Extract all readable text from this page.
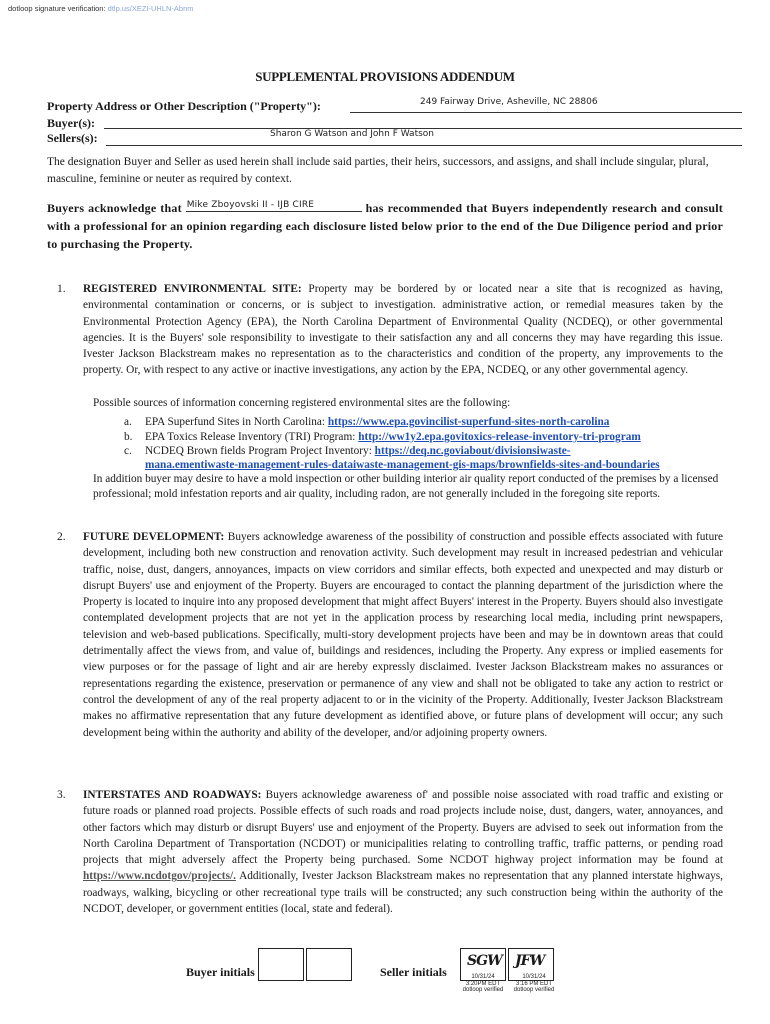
dotloop signature verification: dtlp.us/XEZI-UHLN-Abnm
SUPPLEMENTAL PROVISIONS ADDENDUM
Property Address or Other Description ("Property"):	249 Fairway Drive, Asheville, NC 28806
Buyer(s):
Sellers(s):	Sharon G Watson and John F Watson
The designation Buyer and Seller as used herein shall include said parties, their heirs, successors, and assigns, and shall include singular, plural, masculine, feminine or neuter as required by context.
Buyers acknowledge that Mike Zboyovski II - IJB CIRE	has recommended that Buyers independently research and consult with a professional for an opinion regarding each disclosure listed below prior to the end of the Due Diligence period and prior to purchasing the Property.
1. REGISTERED ENVIRONMENTAL SITE: Property may be bordered by or located near a site that is recognized as having, environmental contamination or concerns, or is subject to investigation. administrative action, or remedial measures taken by the Environmental Protection Agency (EPA), the North Carolina Department of Environmental Quality (NCDEQ), or other governmental agencies. It is the Buyers' sole responsibility to investigate to their satisfaction any and all concerns they may have regarding this issue. Ivester Jackson Blackstream makes no representation as to the characteristics and condition of the property, any improvements to the property. Or, with respect to any active or inactive investigations, any action by the EPA, NCDEQ, or any other governmental agency.
Possible sources of information concerning registered environmental sites are the following:
a. EPA Superfund Sites in North Carolina: https://www.epa.govincilist-superfund-sites-north-carolina
b. EPA Toxics Release Inventory (TRI) Program: http://ww1y2.epa.govitoxics-release-inventory-tri-program
c. NCDEQ Brown fields Program Project Inventory: https://deq.nc.goviabout/divisionsiwaste-
mana.ementiwaste-management-rules-dataiwaste-management-gis-maps/brownfields-sites-and-boundaries
In addition buyer may desire to have a mold inspection or other building interior air quality report conducted of the premises by a licensed professional; mold infestation reports and air quality, including radon, are not generally included in the foregoing site reports.
2. FUTURE DEVELOPMENT: Buyers acknowledge awareness of the possibility of construction and possible effects associated with future development, including both new construction and renovation activity. Such development may result in increased pedestrian and vehicular traffic, noise, dust, dangers, annoyances, impacts on view corridors and similar effects, both expected and unexpected and may disturb or disrupt Buyers' use and enjoyment of the Property. Buyers are encouraged to contact the planning department of the jurisdiction where the Property is located to inquire into any proposed development that might affect Buyers' interest in the Property. Buyers should also investigate contemplated development projects that are not yet in the application process by researching local media, including print newspapers, television and web-based publications. Specifically, multi-story development projects have been and may be in downtown areas that could detrimentally affect the views from, and value of, buildings and residences, including the Property. Any express or implied easements for view purposes or for the passage of light and air are hereby expressly disclaimed. Ivester Jackson Blackstream makes no assurances or representations regarding the existence, preservation or permanence of any view and shall not be obligated to take any action to restrict or control the development of any of the real property adjacent to or in the vicinity of the Property. Additionally, Ivester Jackson Blackstream makes no affirmative representation that any future development as identified above, or future plans of development will occur; any such development being within the authority and ability of the developer, and/or adjoining property owners.
3. INTERSTATES AND ROADWAYS: Buyers acknowledge awareness of' and possible noise associated with road traffic and existing or future roads or planned road projects. Possible effects of such roads and road projects include noise, dust, dangers, water, annoyances, and other factors which may disturb or disrupt Buyers' use and enjoyment of the Property. Buyers are advised to seek out information from the North Carolina Department of Transportation (NCDOT) or municipalities relating to controlling traffic, traffic patterns, or pending road projects that might adversely affect the Property being purchased. Some NCDOT highway project information may be found at https://www.ncdotgov/projects/. Additionally, Ivester Jackson Blackstream makes no representation that any planned interstate highways, roadways, walking, bicycling or other recreational type trails will be constructed; any such construction being within the authority of the NCDOT, developer, or government entities (local, state and federal).
Buyer initials	Seller initials
SGW JFW
10/31/24
3:20PM EDT
dotloop verified
10/31/24
3:16 PM EDT
dotloop verified
